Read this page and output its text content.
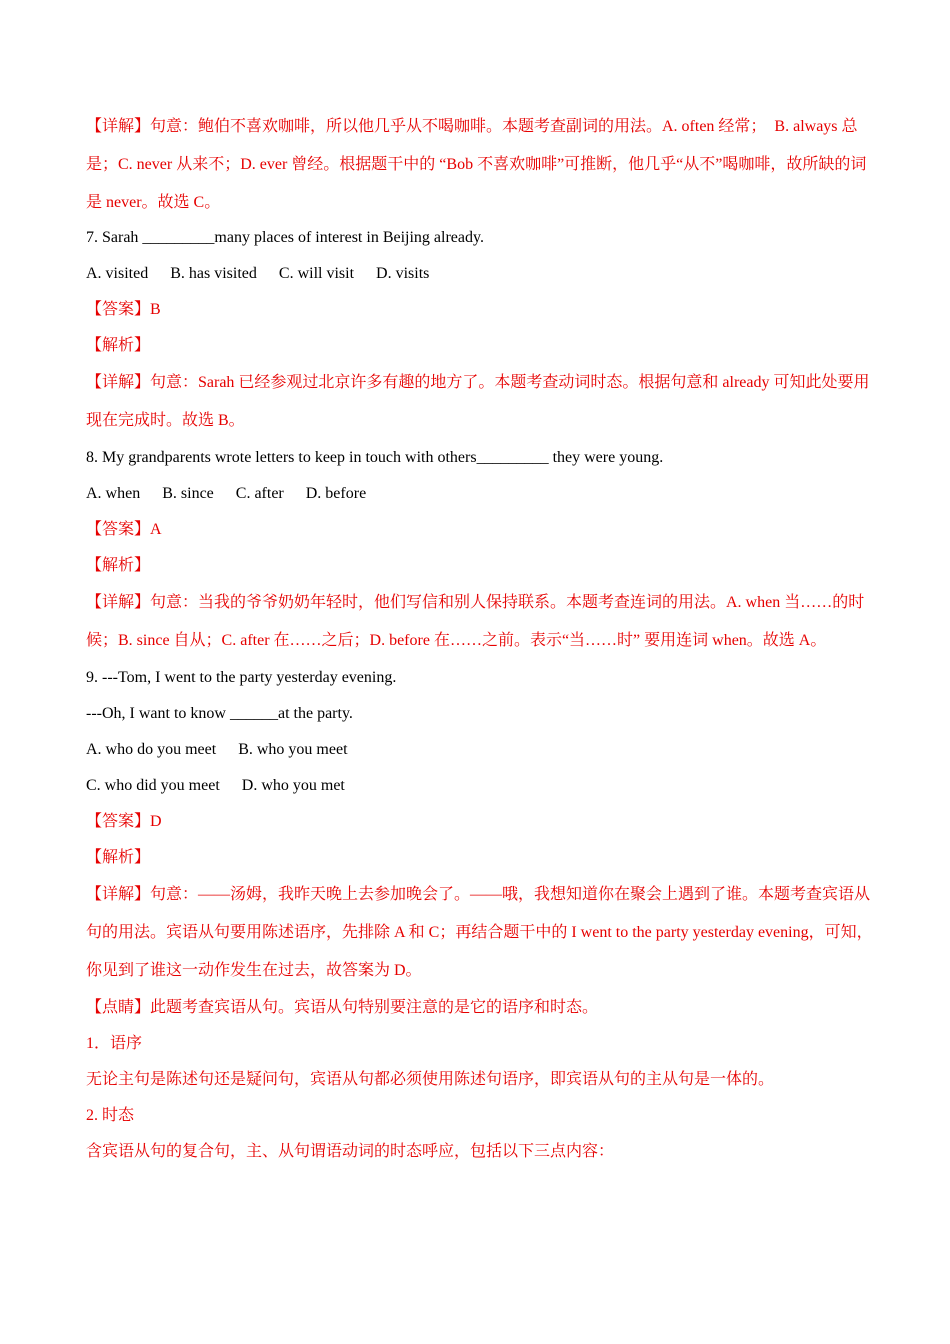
【详解】句意：鲍伯不喜欢咖啡，所以他几乎从不喝咖啡。本题考查副词的用法。A. often 经常；　B. always 总是；C. never 从来不；D. ever 曾经。根据题干中的 “Bob 不喜欢咖啡”可推断，他几乎“从不”喝咖啡，故所缺的词是 never。故选 C。
7. Sarah _________many places of interest in Beijing already.
A. visited B. has visited C. will visit D. visits
【答案】B
【解析】
【详解】句意：Sarah 已经参观过北京许多有趣的地方了。本题考查动词时态。根据句意和 already 可知此处要用现在完成时。故选 B。
8. My grandparents wrote letters to keep in touch with others_________ they were young.
A. when B. since C. after D. before
【答案】A
【解析】
【详解】句意：当我的爷爷奶奶年轻时，他们写信和别人保持联系。本题考查连词的用法。A. when 当……的时候；B. since 自从；C. after 在……之后；D. before 在……之前。表示“当……时” 要用连词 when。故选 A。
9. ---Tom, I went to the party yesterday evening.
---Oh, I want to know ______at the party.
A. who do you meet B. who you meet
C. who did you meet D. who you met
【答案】D
【解析】
【详解】句意：——汤姆，我昨天晚上去参加晚会了。——哦，我想知道你在聚会上遇到了谁。本题考查宾语从句的用法。宾语从句要用陈述语序，先排除 A 和 C；再结合题干中的 I went to the party yesterday evening，可知，你见到了谁这一动作发生在过去，故答案为 D。
【点睛】此题考查宾语从句。宾语从句特别要注意的是它的语序和时态。
1．语序
无论主句是陈述句还是疑问句，宾语从句都必须使用陈述句语序，即宾语从句的主从句是一体的。
2. 时态
含宾语从句的复合句，主、从句谓语动词的时态呼应，包括以下三点内容：
